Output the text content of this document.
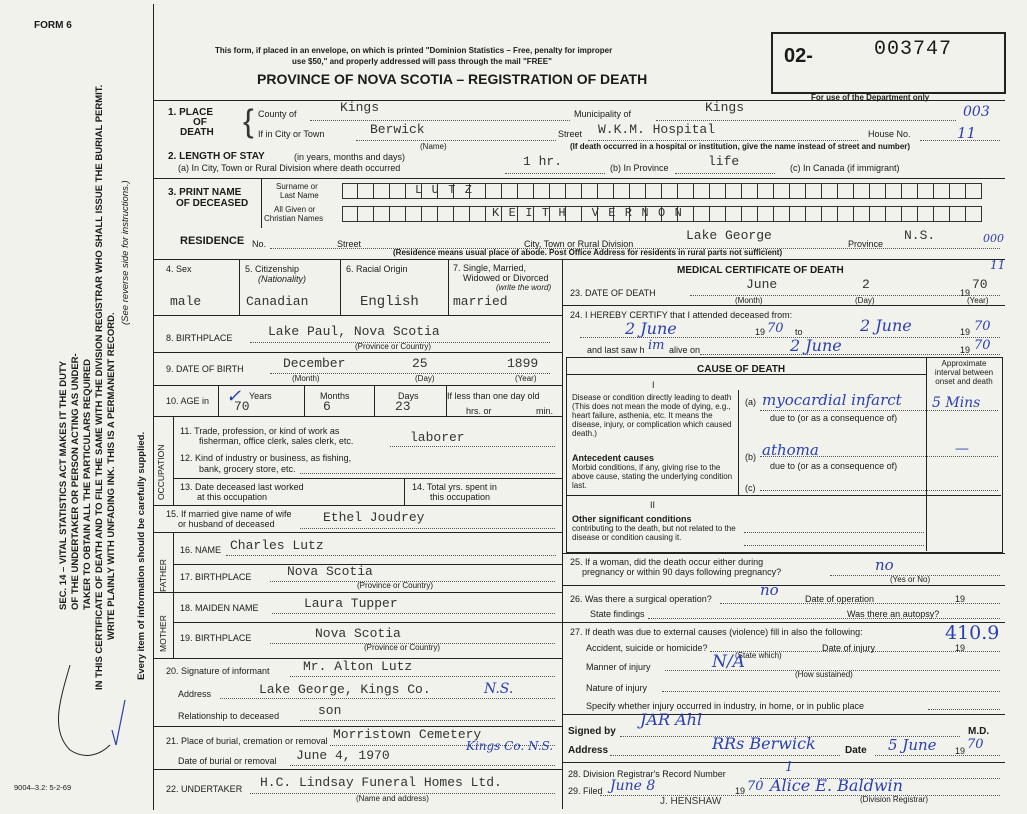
FORM 6
SEC. 14 – VITAL STATISTICS ACT MAKES IT THE DUTY OF THE UNDERTAKER OR PERSON ACTING AS UNDER- TAKER TO OBTAIN ALL THE PARTICULARS REQUIRED IN THIS CERTIFICATE OF DEATH AND TO FILE THE SAME WITH THE DIVISION REGISTRAR WHO SHALL ISSUE THE BURIAL PERMIT. WRITE PLAINLY WITH UNFADING INK. THIS IS A PERMANENT RECORD.
(See reverse side for instructions.)
Every item of information should be carefully supplied.
9004–3.2: 5-2-69
This form, if placed in an envelope, on which is printed "Dominion Statistics – Free, penalty for improper
use $50," and properly addressed will pass through the mail "FREE"
PROVINCE OF NOVA SCOTIA – REGISTRATION OF DEATH
02-	003747
For use of the Department only
1. PLACE
OF
DEATH { County of	Kings	Municipality of	Kings	003
If in City or Town	Berwick
(Name)
Street W.K.M. Hospital	House No.	11
(If death occurred in a hospital or institution, give the name instead of street and number)
2. LENGTH OF STAY	(in years, months and days)
(a) In City, Town or Rural Division where death occurred	1 hr.	(b) In Province	life	(c) In Canada (if immigrant)
3. PRINT NAME
OF DECEASED
Surname or
Last Name
All Given or
Christian Names
LUTZ
KEITH VERNON
RESIDENCE No.	Street	City, Town or Rural Division
Lake George
Province
N.S.	000
(Residence means usual place of abode. Post Office Address for residents in rural parts not sufficient)
4. Sex
male
5. Citizenship
(Nationality)
Canadian
6. Racial Origin
English
7. Single, Married,
Widowed or Divorced
(write the word)
married
8. BIRTHPLACE	Lake Paul, Nova Scotia
(Province or Country)
9. DATE OF BIRTH	December	25	1899
(Month)	(Day)	(Year)
10. AGE in	Years
70
✓	Months
6
Days
23
If less than one day old
hrs. or	min.
OCCUPATION
11. Trade, profession, or kind of work as
fisherman, office clerk, sales clerk, etc.	laborer
12. Kind of industry or business, as fishing,
bank, grocery store, etc.
13. Date deceased last worked
at this occupation
14. Total yrs. spent in
this occupation
15. If married give name of wife
or husband of deceased	Ethel Joudrey
FATHER
MOTHER
16. NAME Charles Lutz
17. BIRTHPLACE	Nova Scotia
(Province or Country)
18. MAIDEN NAME	Laura Tupper
19. BIRTHPLACE	Nova Scotia
(Province or Country)
20. Signature of informant	Mr. Alton Lutz
Address	Lake George, Kings Co.	N.S.
Relationship to deceased	son
21. Place of burial, cremation or removal Morristown Cemetery
Date of burial or removal June 4, 1970
Kings Co. N.S.
22. UNDERTAKER H.C. Lindsay Funeral Homes Ltd.
(Name and address)
MEDICAL CERTIFICATE OF DEATH	11
23. DATE OF DEATH
June	2
19
70
(Month)	(Day)	(Year)
24. I HEREBY CERTIFY that I attended deceased from:
2 June	19 70 to	2 June	19 70
and last saw h im alive on	2 June	19 70
CAUSE OF DEATH
Approximate interval between onset and death
I
Disease or condition directly leading to death (This does not mean the mode of dying, e.g., heart failure, asthenia, etc. It means the disease, injury, or complication which caused death.)
(a) myocardial infarct 5 Mins
due to (or as a consequence of)
Antecedent causes
Morbid conditions, if any, giving rise to the above cause, stating the underlying condition last.
(b) athoma	—
due to (or as a consequence of)
(c)
II
Other significant conditions
contributing to the death, but not related to the disease or condition causing it.
25. If a woman, did the death occur either during
pregnancy or within 90 days following pregnancy?	no
(Yes or No)
26. Was there a surgical operation?	no	Date of operation	19
State findings	Was there an autopsy?
27. If death was due to external causes (violence) fill in also the following:	410.9
Accident, suicide or homicide?	Date of injury	19
(State which)
Manner of injury	N/A
(How sustained)
Nature of injury
Specify whether injury occurred in industry, in home, or in public place
Signed by
JAR Ahl
M.D.
Address	RRs Berwick	Date 5 June 19 70
28. Division Registrar's Record Number	1
29. Filed June 8	19 70 Alice E. Baldwin
J. HENSHAW	(Division Registrar)
